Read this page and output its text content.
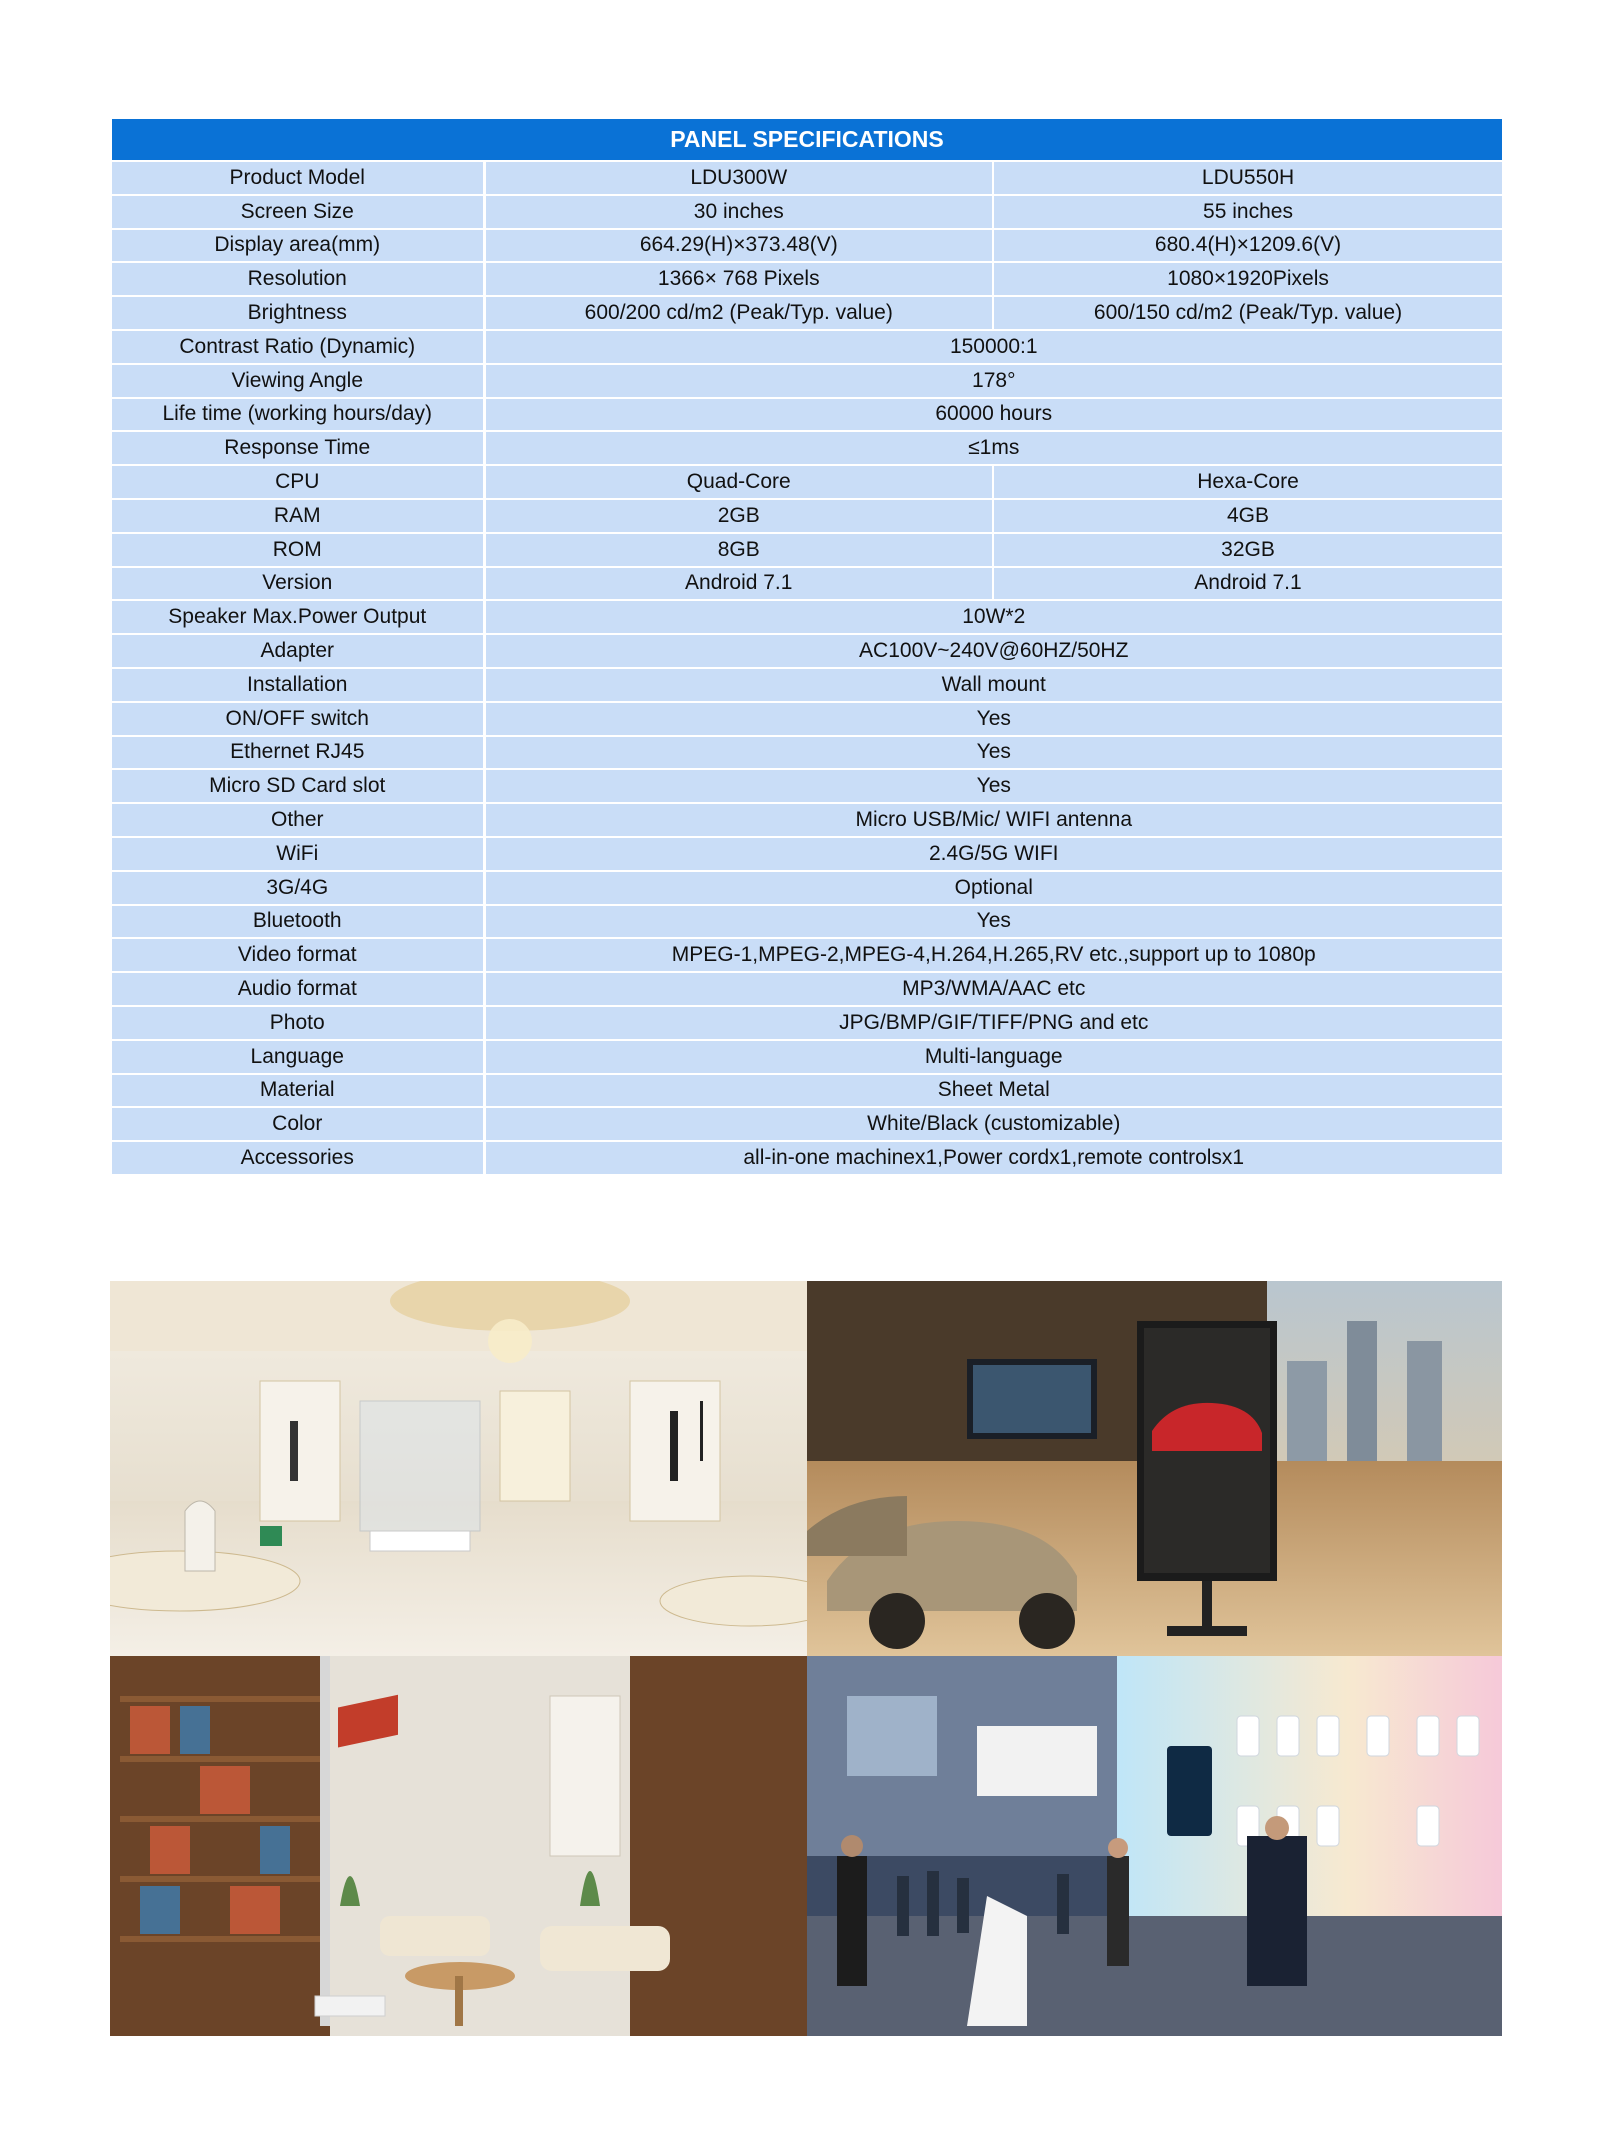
PANEL SPECIFICATIONS		
Product Model	LDU300W	LDU550H
Screen Size	30 inches	55 inches
Display area(mm)	664.29(H)×373.48(V)	680.4(H)×1209.6(V)
Resolution	1366× 768 Pixels	1080×1920Pixels
Brightness	600/200 cd/m2 (Peak/Typ. value)	600/150 cd/m2 (Peak/Typ. value)
Contrast Ratio (Dynamic)	150000:1	
Viewing Angle	178°	
Life time (working hours/day)	60000 hours	
Response Time	≤1ms	
CPU	Quad-Core	Hexa-Core
RAM	2GB	4GB
ROM	8GB	32GB
Version	Android 7.1	Android 7.1
Speaker Max.Power Output	10W*2	
Adapter	AC100V~240V@60HZ/50HZ	
Installation	Wall mount	
ON/OFF switch	Yes	
Ethernet RJ45	Yes	
Micro SD Card slot	Yes	
Other	Micro USB/Mic/ WIFI antenna	
WiFi	2.4G/5G WIFI	
3G/4G	Optional	
Bluetooth	Yes	
Video format	MPEG-1,MPEG-2,MPEG-4,H.264,H.265,RV etc.,support up to 1080p	
Audio format	MP3/WMA/AAC etc	
Photo	JPG/BMP/GIF/TIFF/PNG and etc	
Language	Multi-language	
Material	Sheet Metal	
Color	White/Black (customizable)	
Accessories	all-in-one machinex1,Power cordx1,remote controlsx1	
